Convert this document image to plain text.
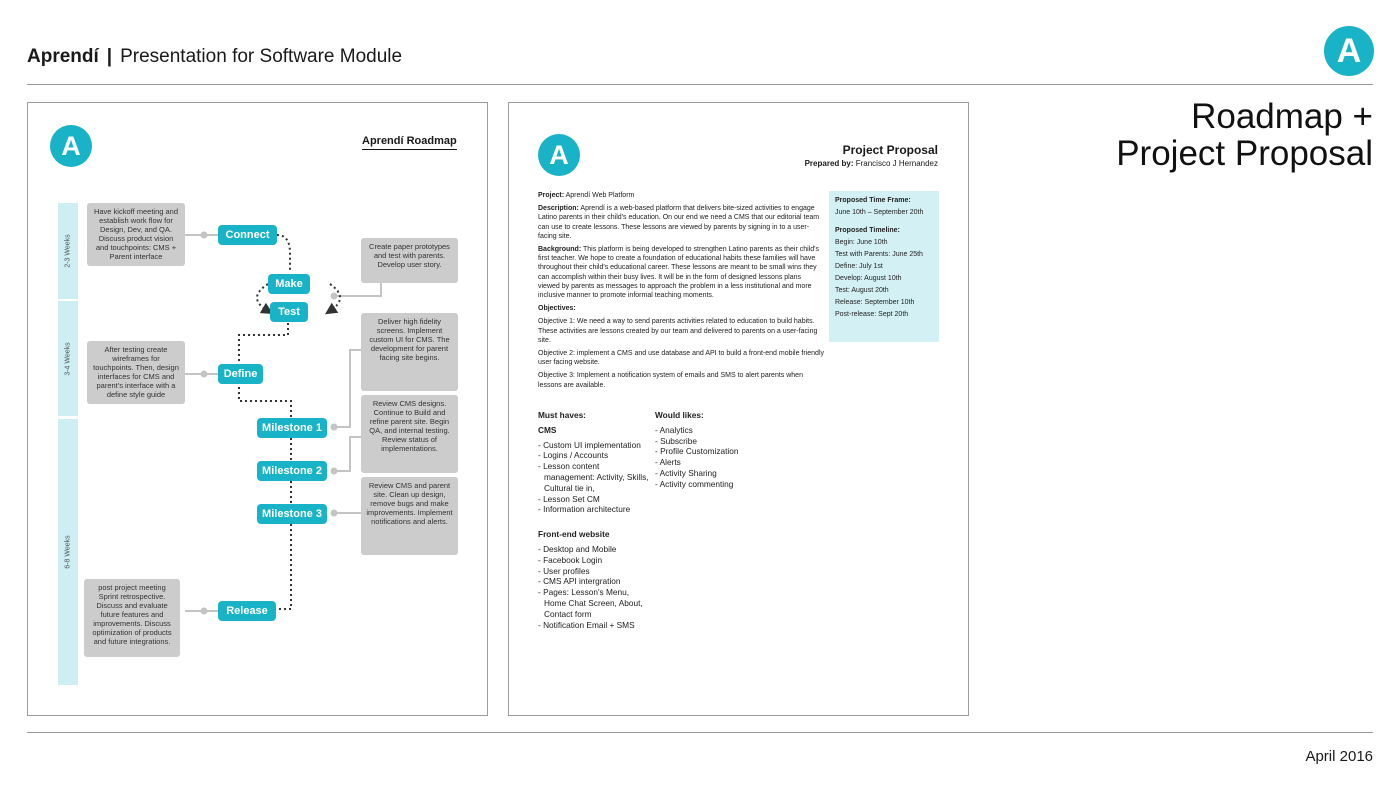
Aprendí | Presentation for Software Module	A
Roadmap +
Project Proposal
April 2016
A	Aprendí Roadmap
2-3 Weeks
3-4 Weeks
6-8 Weeks
Have kickoff meeting and establish work flow for Design, Dev, and QA. Discuss product vision and touchpoints: CMS + Parent interface
Create paper prototypes and test with parents. Develop user story.
After testing create wireframes for touchpoints. Then, design interfaces for CMS and parent's interface with a define style guide
Deliver high fidelity screens. Implement custom UI for CMS. The development for parent facing site begins.
Review CMS designs. Continue to Build and refine parent site. Begin QA, and internal testing. Review status of implementations.
Review CMS and parent site. Clean up design, remove bugs and make improvements. Implement notifications and alerts.
post project meeting Sprint retrospective. Discuss and evaluate future features and improvements. Discuss optimization of products and future integrations.
Connect
Make
Test
Define
Milestone 1
Milestone 2
Milestone 3
Release
A	Project Proposal
Prepared by: Francisco J Hernandez

Project: Aprendí Web Platform

Description: Aprendí is a web-based platform that delivers bite-sized activities to engage Latino parents in their child's education. On our end we need a CMS that our editorial team can use to create lessons. These lessons are viewed by parents by signing in to a user-facing site.

Background: This platform is being developed to strengthen Latino parents as their child's first teacher. We hope to create a foundation of educational habits these families will have throughout their child's educational career. These lessons are meant to be small wins they can accomplish within their busy lives. It will be in the form of designed lessons plans viewed by parents as messages to approach the problem in a less institutional and more inclusive manner to promote informal teaching moments.

Objectives:

Objective 1: We need a way to send parents activities related to education to build habits. These activities are lessons created by our team and delivered to parents on a user-facing site.

Objective 2: implement a CMS and use database and API to build a front-end mobile friendly user facing website.

Objective 3: Implement a notification system of emails and SMS to alert parents when lessons are available.

Proposed Time Frame:
June 10th – September 20th
Proposed Timeline:
Begin: June 10th
Test with Parents: June 25th
Define: July 1st
Develop: August 10th
Test: August 20th
Release: September 10th
Post-release: Sept 20th
Must haves:
CMS
- Custom UI implementation
- Logins / Accounts
- Lesson content management: Activity, Skills, Cultural tie in,
- Lesson Set CM
- Information architecture
Front-end website
- Desktop and Mobile
- Facebook Login
- User profiles
- CMS API intergration
- Pages: Lesson's Menu, Home Chat Screen, About, Contact form
- Notification Email + SMS
Would likes:
- Analytics
- Subscribe
- Profile Customization
- Alerts
- Activity Sharing
- Activity commenting
